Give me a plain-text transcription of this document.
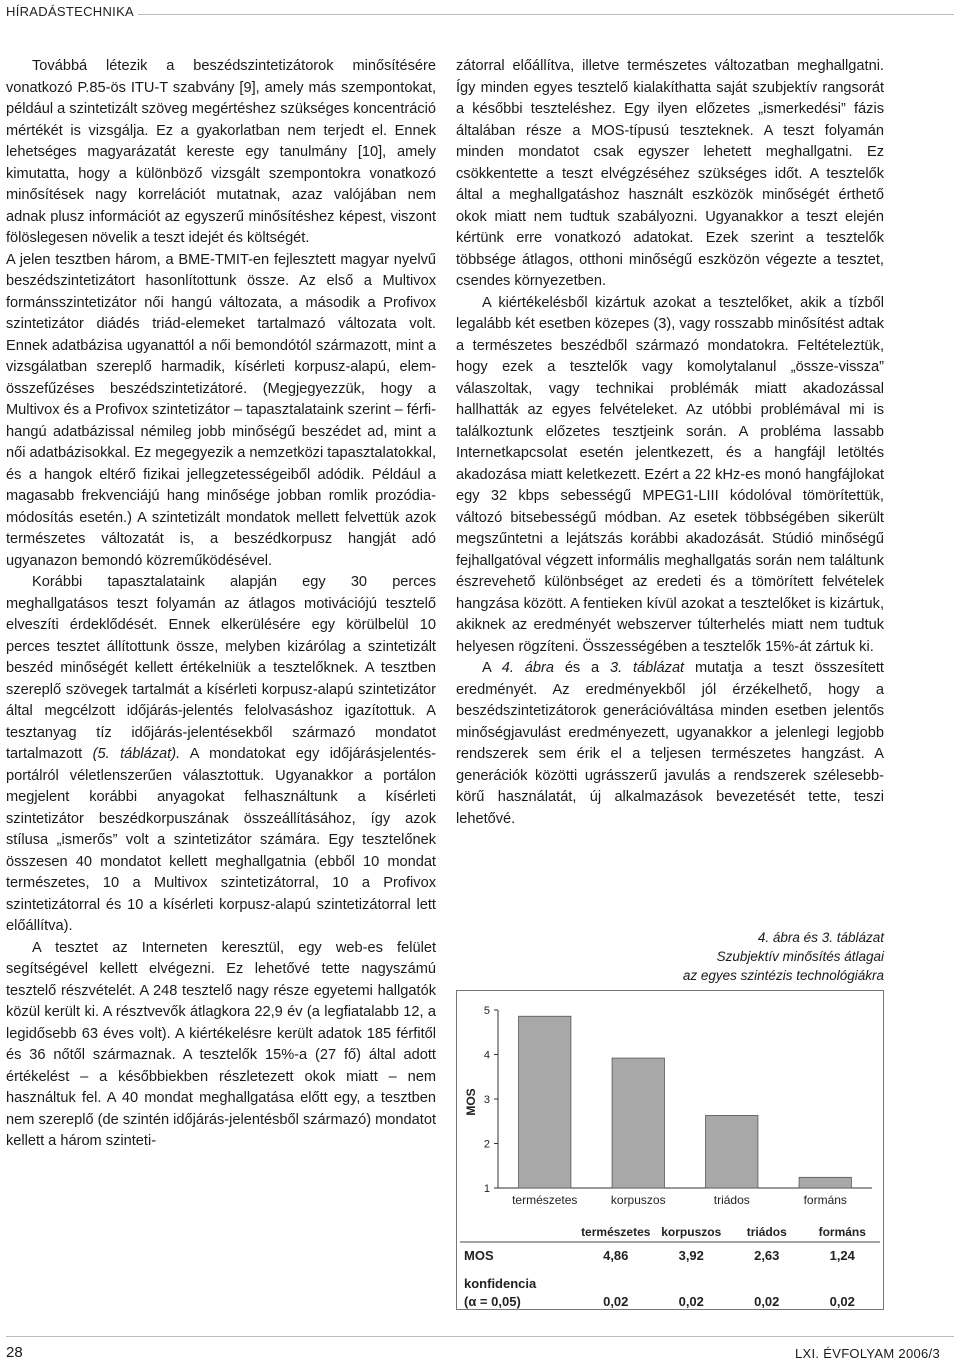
HÍRADÁSTECHNIKA

Továbbá létezik a beszédszintetizátorok minősítésére vonatkozó P.85-ös ITU-T szabvány [9], amely más szempontokat, például a szintetizált szöveg megértéshez szükséges koncentráció mértékét is vizsgálja. Ez a gyakorlatban nem terjedt el. Ennek lehetséges magyarázatát kereste egy tanulmány [10], amely kimutatta, hogy a különböző vizsgált szempontokra vonatkozó minősítések nagy korrelációt mutatnak, azaz valójában nem adnak plusz információt az egyszerű minősítéshez képest, viszont fölöslegesen növelik a teszt idejét és költségét.

A jelen tesztben három, a BME-TMIT-en fejlesztett magyar nyelvű beszédszintetizátort hasonlítottunk össze. Az első a Multivox formánsszintetizátor női hangú változata, a második a Profivox szintetizátor diádés triád-elemeket tartalmazó változata volt. Ennek adatbázisa ugyanattól a női bemondótól származott, mint a vizsgálatban szereplő harmadik, kísérleti korpusz-alapú, elem-összefűzéses beszédszintetizátoré. (Megjegyezzük, hogy a Multivox és a Profivox szintetizátor – tapasztalataink szerint – férfi-hangú adatbázissal némileg jobb minőségű beszédet ad, mint a női adatbázisokkal. Ez megegyezik a nemzetközi tapasztalatokkal, és a hangok eltérő fizikai jellegzetességeiből adódik. Például a magasabb frekvenciájú hang minősége jobban romlik prozódia-módosítás esetén.) A szintetizált mondatok mellett felvettük azok természetes változatát is, a beszédkorpusz hangját adó ugyanazon bemondó közreműködésével.

Korábbi tapasztalataink alapján egy 30 perces meghallgatásos teszt folyamán az átlagos motivációjú tesztelő elveszíti érdeklődését. Ennek elkerülésére egy körülbelül 10 perces tesztet állítottunk össze, melyben kizárólag a szintetizált beszéd minőségét kellett értékelniük a tesztelőknek. A tesztben szereplő szövegek tartalmát a kísérleti korpusz-alapú szintetizátor által megcélzott időjárás-jelentés felolvasáshoz igazítottuk. A tesztanyag tíz időjárás-jelentésekből származó mondatot tartalmazott (5. táblázat). A mondatokat egy időjárásjelentés-portálról véletlenszerűen választottuk. Ugyanakkor a portálon megjelent korábbi anyagokat felhasználtunk a kísérleti szintetizátor beszédkorpuszának összeállításához, így azok stílusa „ismerős” volt a szintetizátor számára. Egy tesztelőnek összesen 40 mondatot kellett meghallgatnia (ebből 10 mondat természetes, 10 a Multivox szintetizátorral, 10 a Profivox szintetizátorral és 10 a kísérleti korpusz-alapú szintetizátorral lett előállítva).

A tesztet az Interneten keresztül, egy web-es felület segítségével kellett elvégezni. Ez lehetővé tette nagyszámú tesztelő részvételét. A 248 tesztelő nagy része egyetemi hallgatók közül került ki. A résztvevők átlagkora 22,9 év (a legfiatalabb 12, a legidősebb 63 éves volt). A kiértékelésre került adatok 185 férfitől és 36 nőtől származnak. A tesztelők 15%-a (27 fő) által adott értékelést – a későbbiekben részletezett okok miatt – nem használtuk fel. A 40 mondat meghallgatása előtt egy, a tesztben nem szereplő (de szintén időjárás-jelentésből származó) mondatot kellett a három szinteti-

zátorral előállítva, illetve természetes változatban meghallgatni. Így minden egyes tesztelő kialakíthatta saját szubjektív rangsorát a későbbi teszteléshez. Egy ilyen előzetes „ismerkedési” fázis általában része a MOS-típusú teszteknek. A teszt folyamán minden mondatot csak egyszer lehetett meghallgatni. Ez csökkentette a teszt elvégzéséhez szükséges időt. A tesztelők által a meghallgatáshoz használt eszközök minőségét érthető okok miatt nem tudtuk szabályozni. Ugyanakkor a teszt elején kértünk erre vonatkozó adatokat. Ezek szerint a tesztelők többsége átlagos, otthoni minőségű eszközön végezte a tesztet, csendes környezetben.

A kiértékelésből kizártuk azokat a tesztelőket, akik a tízből legalább két esetben közepes (3), vagy rosszabb minősítést adtak a természetes beszédből származó mondatokra. Feltételeztük, hogy ezek a tesztelők vagy komolytalanul „össze-vissza” válaszoltak, vagy technikai problémák miatt akadozással hallhatták az egyes felvételeket. Az utóbbi problémával mi is találkoztunk előzetes tesztjeink során. A probléma lassabb Internetkapcsolat esetén jelentkezett, és a hangfájl letöltés akadozása miatt keletkezett. Ezért a 22 kHz-es monó hangfájlokat egy 32 kbps sebességű MPEG1-LIII kódolóval tömörítettük, változó bitsebességű módban. Az esetek többségében sikerült megszűntetni a lejátszás korábbi akadozását. Stúdió minőségű fejhallgatóval végzett informális meghallgatás során nem találtunk észrevehető különbséget az eredeti és a tömörített felvételek hangzása között. A fentieken kívül azokat a tesztelőket is kizártuk, akiknek az eredményét webszerver túlterhelés miatt nem tudtuk helyesen rögzíteni. Összességében a tesztelők 15%-át zártuk ki.

A 4. ábra és a 3. táblázat mutatja a teszt összesített eredményét. Az eredményekből jól érzékelhető, hogy a beszédszintetizátorok generációváltása minden esetben jelentős minőségjavulást eredményezett, ugyanakkor a jelenlegi legjobb rendszerek sem érik el a teljesen természetes hangzást. A generációk közötti ugrásszerű javulás a rendszerek szélesebb-körű használatát, új alkalmazások bevezetését tette, teszi lehetővé.

4. ábra és 3. táblázat
Szubjektív minősítés átlagai
az egyes szintézis technológiákra
1
2
3
4
5
MOS
természetes	korpuszos	triádos	formáns
természetes korpuszos triádos	formáns
MOS	4,86	3,92	2,63	1,24
konfidencia
(α = 0,05)	0,02	0,02	0,02	0,02
28	LXI. ÉVFOLYAM 2006/3
